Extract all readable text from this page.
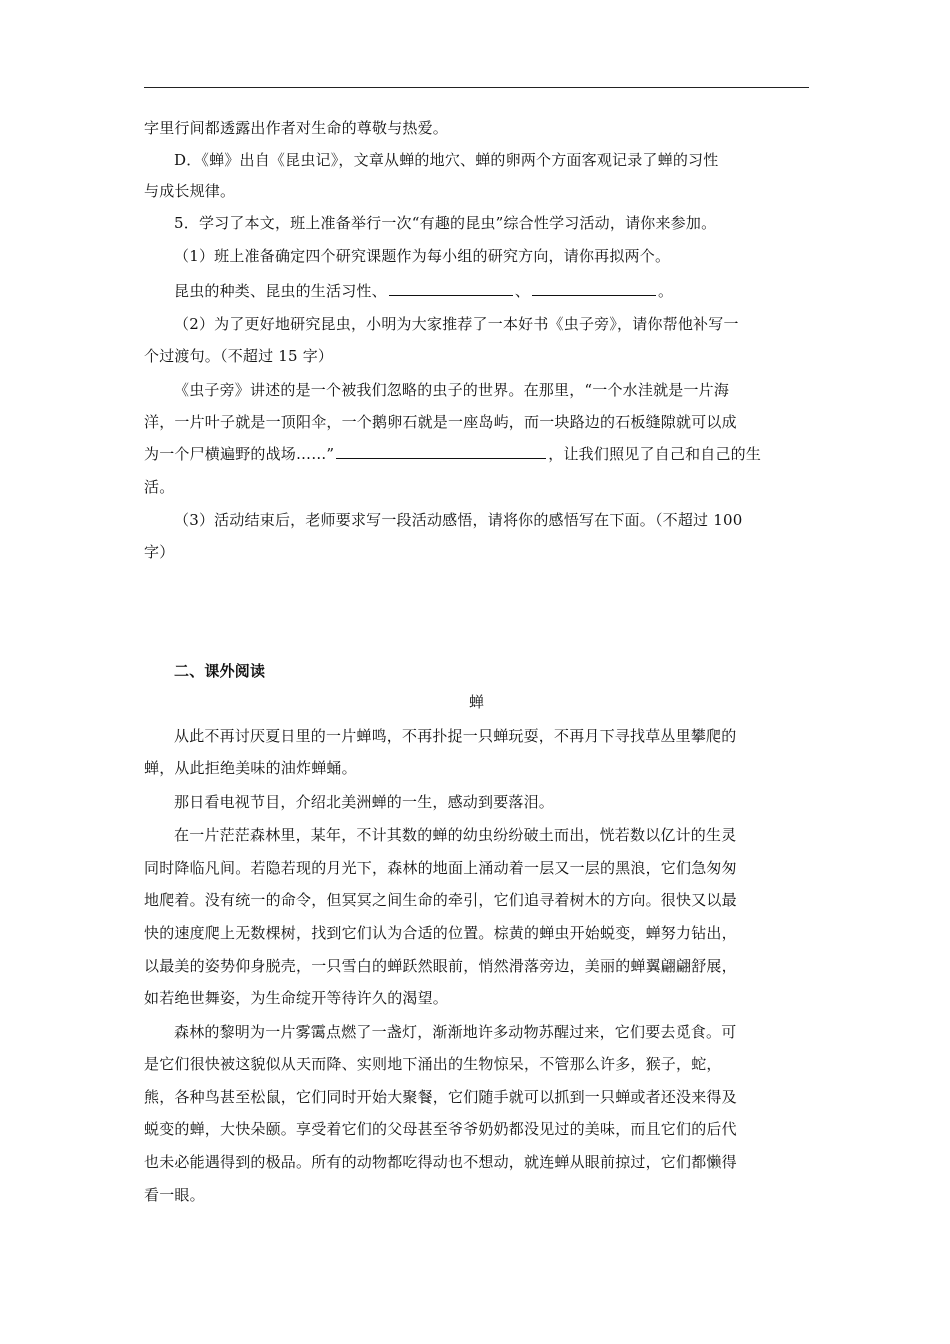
字里行间都透露出作者对生命的尊敬与热爱。
D．《蝉》出自《昆虫记》，文章从蝉的地穴、蝉的卵两个方面客观记录了蝉的习性
与成长规律。
5．学习了本文，班上准备举行一次“有趣的昆虫”综合性学习活动，请你来参加。
（1）班上准备确定四个研究课题作为每小组的研究方向，请你再拟两个。
昆虫的种类、昆虫的生活习性、	、	。
（2）为了更好地研究昆虫，小明为大家推荐了一本好书《虫子旁》，请你帮他补写一
个过渡句。（不超过 15 字）
《虫子旁》讲述的是一个被我们忽略的虫子的世界。在那里，“一个水洼就是一片海
洋，一片叶子就是一顶阳伞，一个鹅卵石就是一座岛屿，而一块路边的石板缝隙就可以成
为一个尸横遍野的战场……”	，让我们照见了自己和自己的生
活。
（3）活动结束后，老师要求写一段活动感悟，请将你的感悟写在下面。（不超过 100
字）
二、课外阅读
蝉
从此不再讨厌夏日里的一片蝉鸣，不再扑捉一只蝉玩耍，不再月下寻找草丛里攀爬的
蝉，从此拒绝美味的油炸蝉蛹。
那日看电视节目，介绍北美洲蝉的一生，感动到要落泪。
在一片茫茫森林里，某年，不计其数的蝉的幼虫纷纷破土而出，恍若数以亿计的生灵
同时降临凡间。若隐若现的月光下，森林的地面上涌动着一层又一层的黑浪，它们急匆匆
地爬着。没有统一的命令，但冥冥之间生命的牵引，它们追寻着树木的方向。很快又以最
快的速度爬上无数棵树，找到它们认为合适的位置。棕黄的蝉虫开始蜕变，蝉努力钻出，
以最美的姿势仰身脱壳，一只雪白的蝉跃然眼前，悄然滑落旁边，美丽的蝉翼翩翩舒展，
如若绝世舞姿，为生命绽开等待许久的渴望。
森林的黎明为一片雾霭点燃了一盏灯，渐渐地许多动物苏醒过来，它们要去觅食。可
是它们很快被这貌似从天而降、实则地下涌出的生物惊呆，不管那么许多，猴子，蛇，
熊，各种鸟甚至松鼠，它们同时开始大聚餐，它们随手就可以抓到一只蝉或者还没来得及
蜕变的蝉，大快朵颐。享受着它们的父母甚至爷爷奶奶都没见过的美味，而且它们的后代
也未必能遇得到的极品。所有的动物都吃得动也不想动，就连蝉从眼前掠过，它们都懒得
看一眼。
